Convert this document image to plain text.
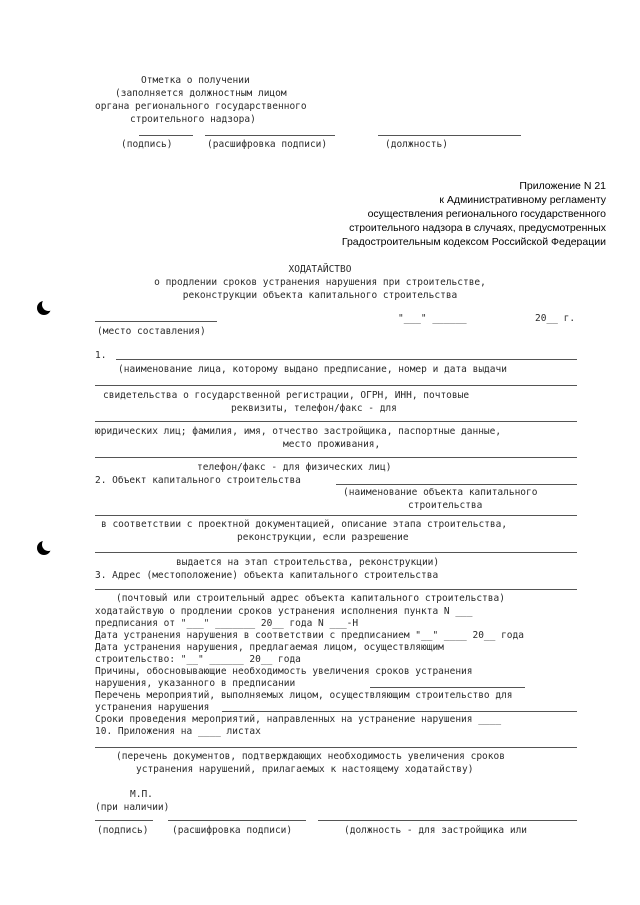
Отметка о получении
(заполняется должностным лицом
органа регионального государственного
строительного надзора)
(подпись)	(расшифровка подписи)	(должность)
Приложение N 21
к Административному регламенту
осуществления регионального государственного
строительного надзора в случаях, предусмотренных
Градостроительным кодексом Российской Федерации
ХОДАТАЙСТВО
о продлении сроков устранения нарушения при строительстве,
реконструкции объекта капитального строительства
(место составления)
"___" ______	20__ г.
1.
(наименование лица, которому выдано предписание, номер и дата выдачи
свидетельства о государственной регистрации, ОГРН, ИНН, почтовые
реквизиты, телефон/факс - для
юридических лиц; фамилия, имя, отчество застройщика, паспортные данные,
место проживания,
телефон/факс - для физических лиц)
2. Объект капитального строительства
(наименование объекта капитального
строительства
в соответствии с проектной документацией, описание этапа строительства,
реконструкции, если разрешение
выдается на этап строительства, реконструкции)
3. Адрес (местоположение) объекта капитального строительства
(почтовый или строительный адрес объекта капитального строительства)
ходатайствую о продлении сроков устранения исполнения пункта N ___
предписания от "___" _______ 20__ года N ___-Н
Дата устранения нарушения в соответствии с предписанием "__" ____ 20__ года
Дата устранения нарушения, предлагаемая лицом, осуществляющим
строительство: "__" ______ 20__ года
Причины, обосновывающие необходимость увеличения сроков устранения
нарушения, указанного в предписании
Перечень мероприятий, выполняемых лицом, осуществляющим строительство для
устранения нарушения
Сроки проведения мероприятий, направленных на устранение нарушения ____
10. Приложения на ____ листах
(перечень документов, подтверждающих необходимость увеличения сроков
устранения нарушений, прилагаемых к настоящему ходатайству)
М.П.
(при наличии)
(подпись) (расшифровка подписи)	(должность - для застройщика или
